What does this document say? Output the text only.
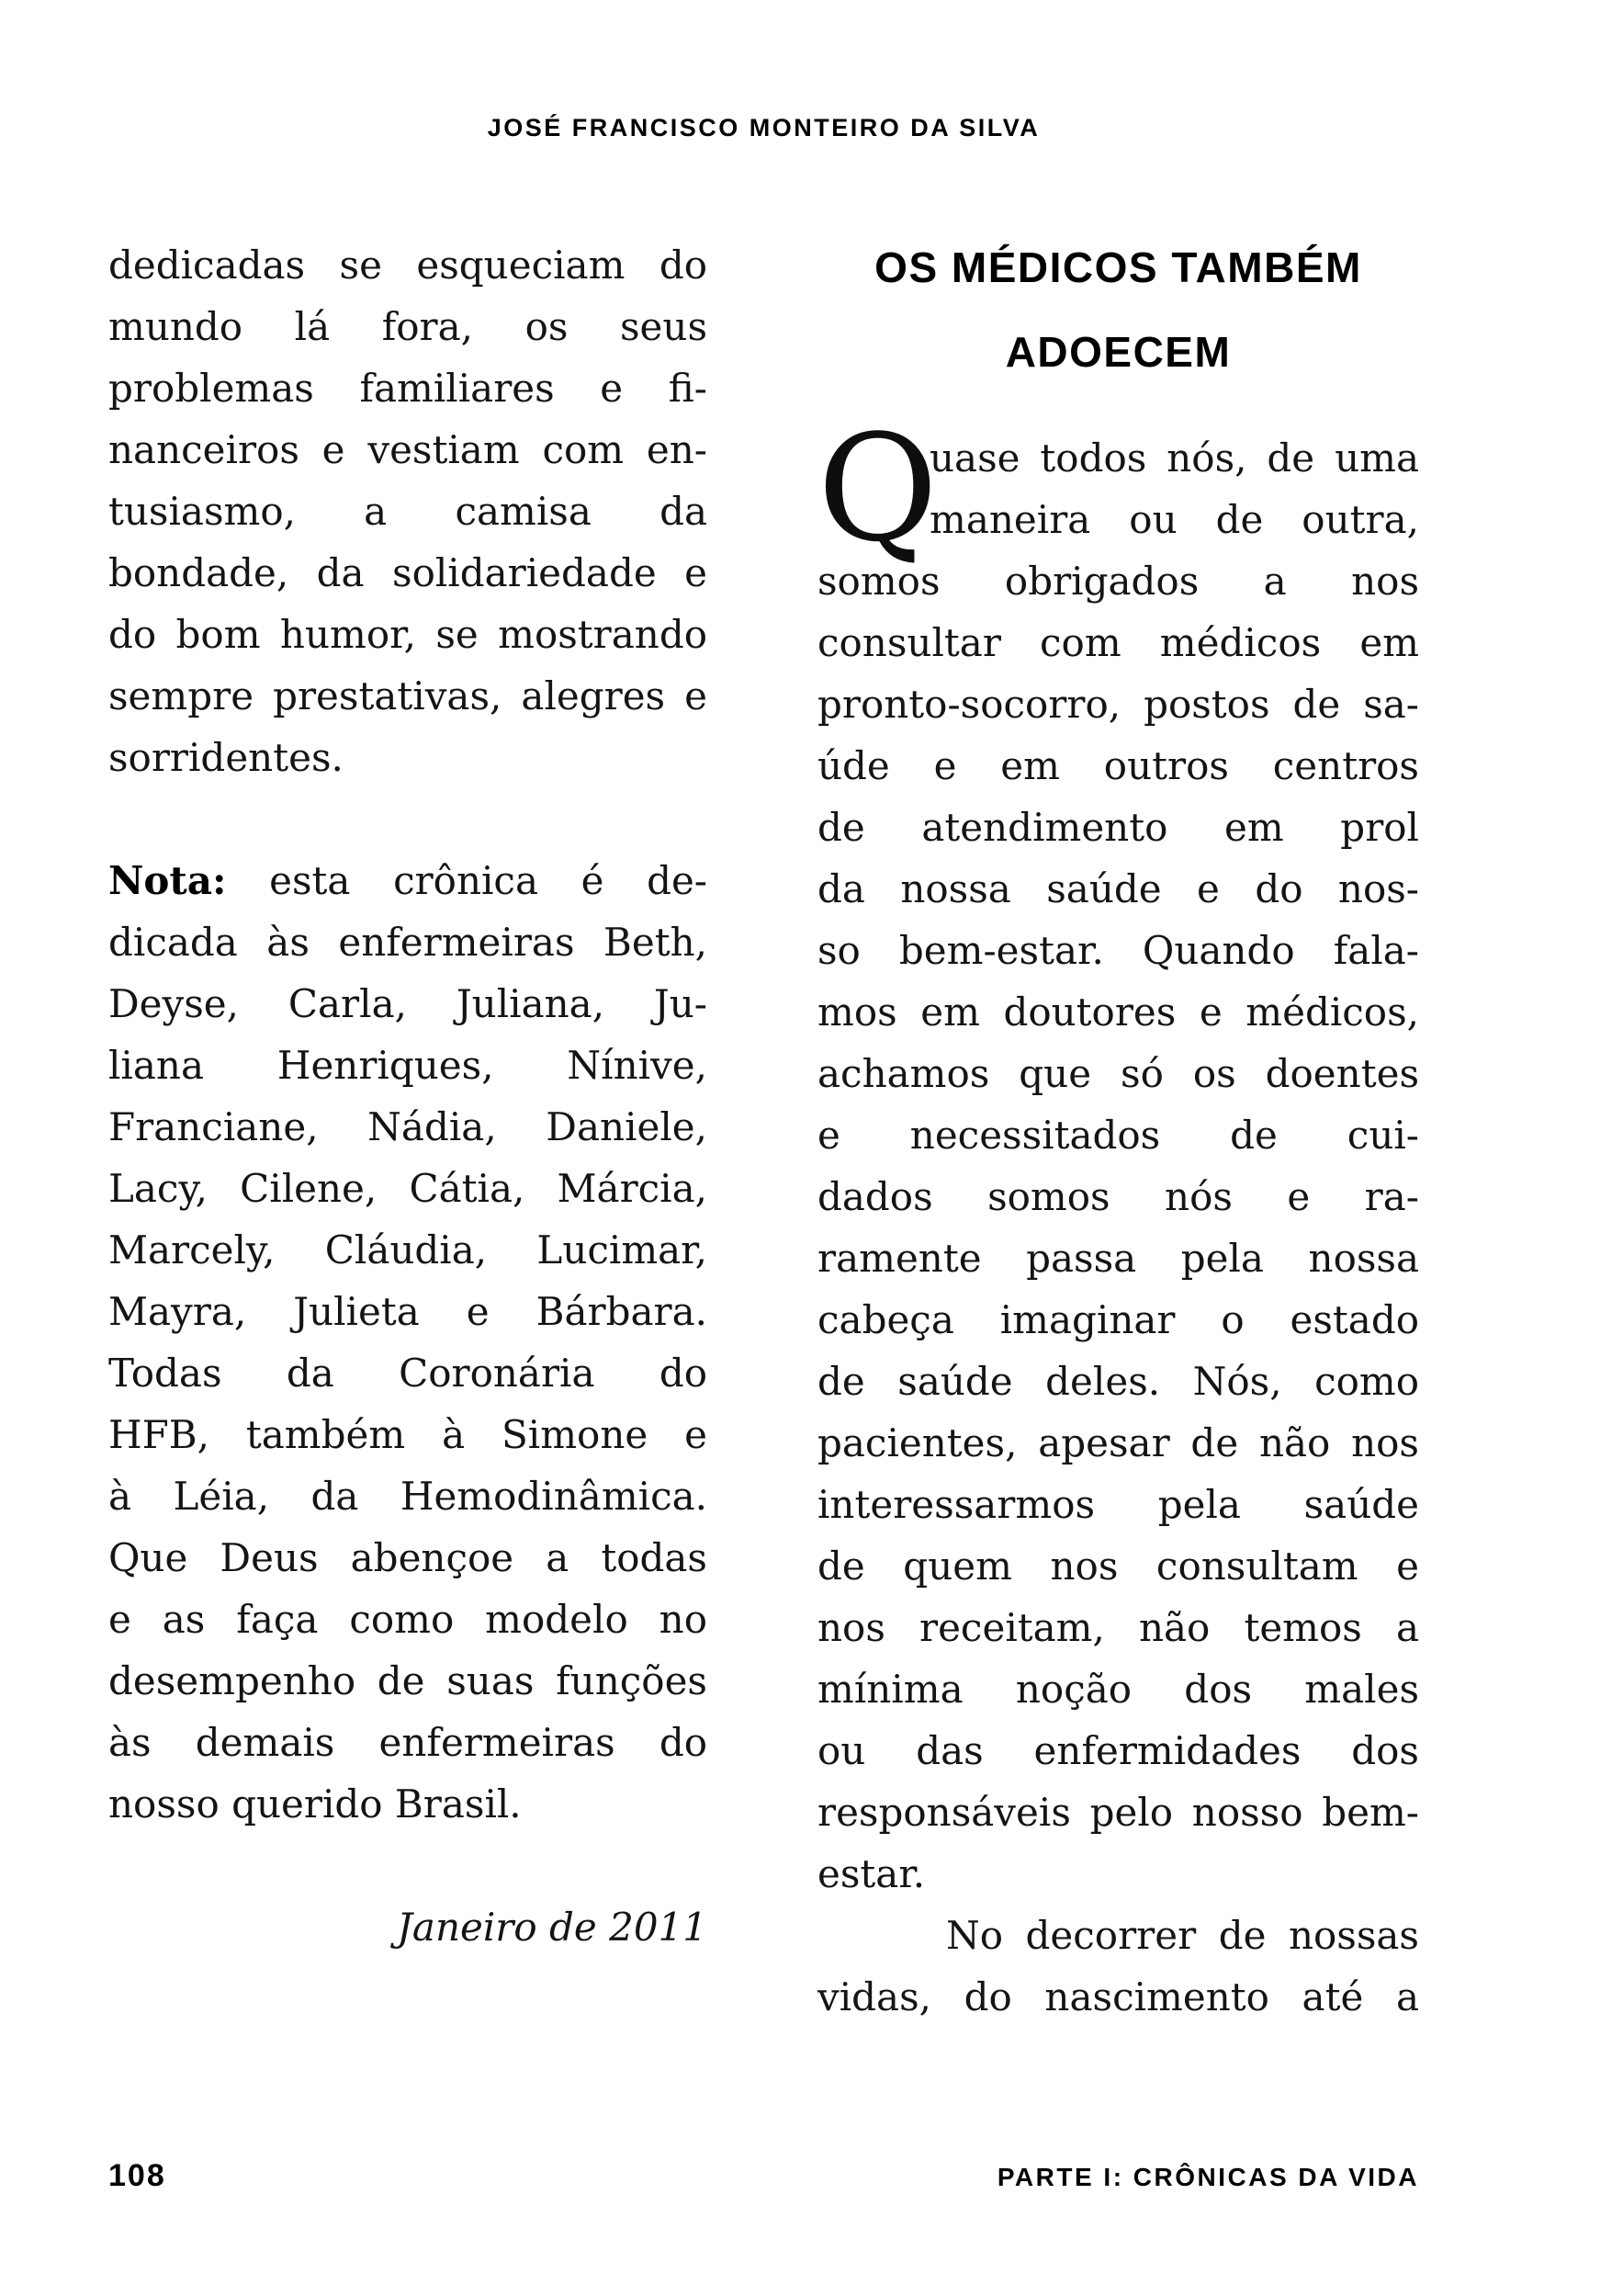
JOSÉ FRANCISCO MONTEIRO DA SILVA
dedicadas se esqueciam do
mundo lá fora, os seus
problemas familiares e fi-
nanceiros e vestiam com en-
tusiasmo, a camisa da
bondade, da solidariedade e
do bom humor, se mostrando
sempre prestativas, alegres e
sorridentes.
Nota: esta crônica é de-
dicada às enfermeiras Beth,
Deyse, Carla, Juliana, Ju-
liana Henriques, Nínive,
Franciane, Nádia, Daniele,
Lacy, Cilene, Cátia, Márcia,
Marcely, Cláudia, Lucimar,
Mayra, Julieta e Bárbara.
Todas da Coronária do
HFB, também à Simone e
à Léia, da Hemodinâmica.
Que Deus abençoe a todas
e as faça como modelo no
desempenho de suas funções
às demais enfermeiras do
nosso querido Brasil.
Janeiro de 2011
OS MÉDICOS TAMBÉM
ADOECEM
Q
uase todos nós, de uma
maneira ou de outra,
somos obrigados a nos
consultar com médicos em
pronto-socorro, postos de sa-
úde e em outros centros
de atendimento em prol
da nossa saúde e do nos-
so bem-estar. Quando fala-
mos em doutores e médicos,
achamos que só os doentes
e necessitados de cui-
dados somos nós e ra-
ramente passa pela nossa
cabeça imaginar o estado
de saúde deles. Nós, como
pacientes, apesar de não nos
interessarmos pela saúde
de quem nos consultam e
nos receitam, não temos a
mínima noção dos males
ou das enfermidades dos
responsáveis pelo nosso bem-
estar.
No decorrer de nossas
vidas, do nascimento até a
108	PARTE I: CRÔNICAS DA VIDA
